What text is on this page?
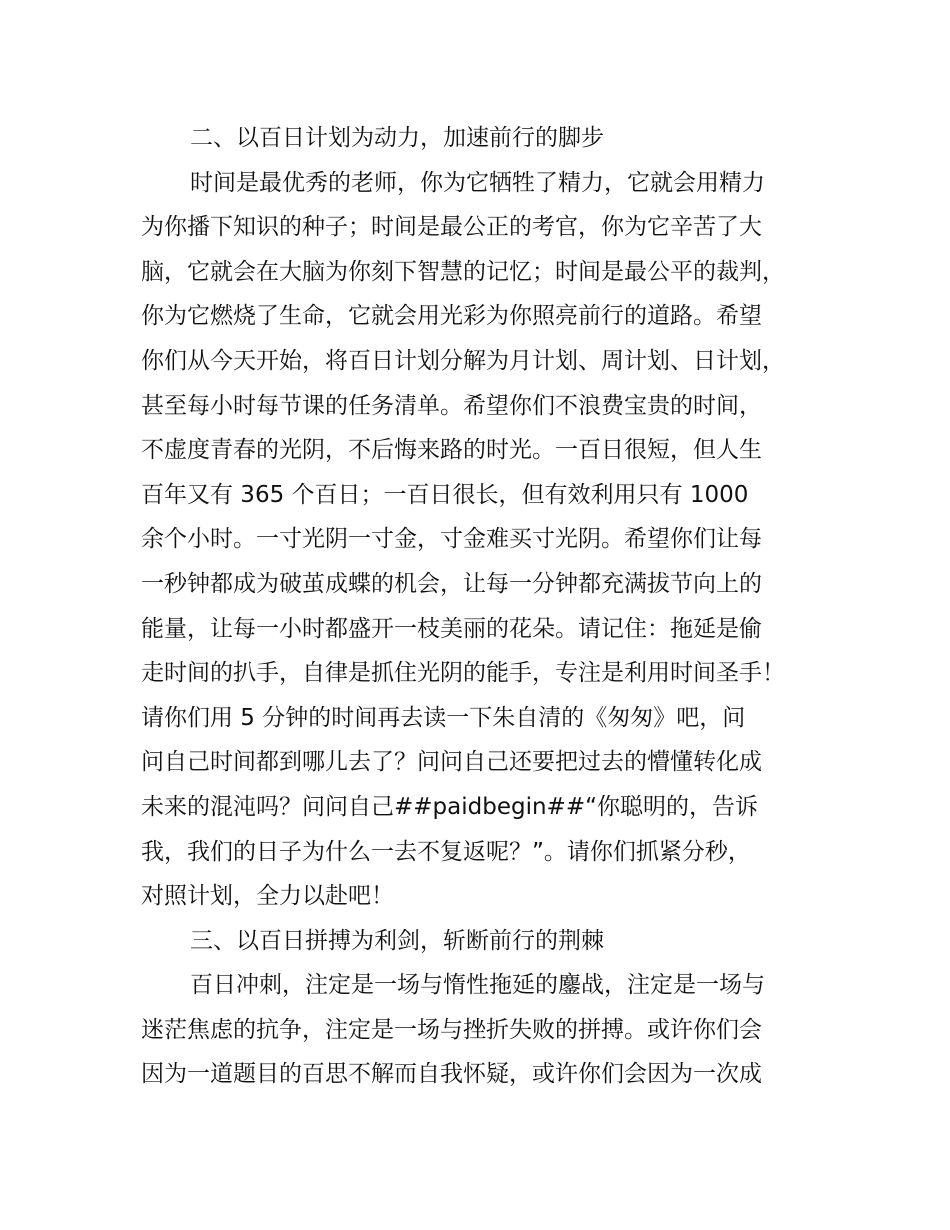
二、以百日计划为动力，加速前行的脚步
时间是最优秀的老师，你为它牺牲了精力，它就会用精力
为你播下知识的种子；时间是最公正的考官，你为它辛苦了大
脑，它就会在大脑为你刻下智慧的记忆；时间是最公平的裁判，
你为它燃烧了生命，它就会用光彩为你照亮前行的道路。希望
你们从今天开始，将百日计划分解为月计划、周计划、日计划，
甚至每小时每节课的任务清单。希望你们不浪费宝贵的时间，
不虚度青春的光阴，不后悔来路的时光。一百日很短，但人生
百年又有 365 个百日；一百日很长，但有效利用只有 1000
余个小时。一寸光阴一寸金，寸金难买寸光阴。希望你们让每
一秒钟都成为破茧成蝶的机会，让每一分钟都充满拔节向上的
能量，让每一小时都盛开一枝美丽的花朵。请记住：拖延是偷
走时间的扒手，自律是抓住光阴的能手，专注是利用时间圣手！
请你们用 5 分钟的时间再去读一下朱自清的《匆匆》吧，问
问自己时间都到哪儿去了？问问自己还要把过去的懵懂转化成
未来的混沌吗？问问自己##paidbegin##“你聪明的，告诉
我，我们的日子为什么一去不复返呢？”。请你们抓紧分秒，
对照计划，全力以赴吧！
三、以百日拼搏为利剑，斩断前行的荆棘
百日冲刺，注定是一场与惰性拖延的鏖战，注定是一场与
迷茫焦虑的抗争，注定是一场与挫折失败的拼搏。或许你们会
因为一道题目的百思不解而自我怀疑，或许你们会因为一次成
